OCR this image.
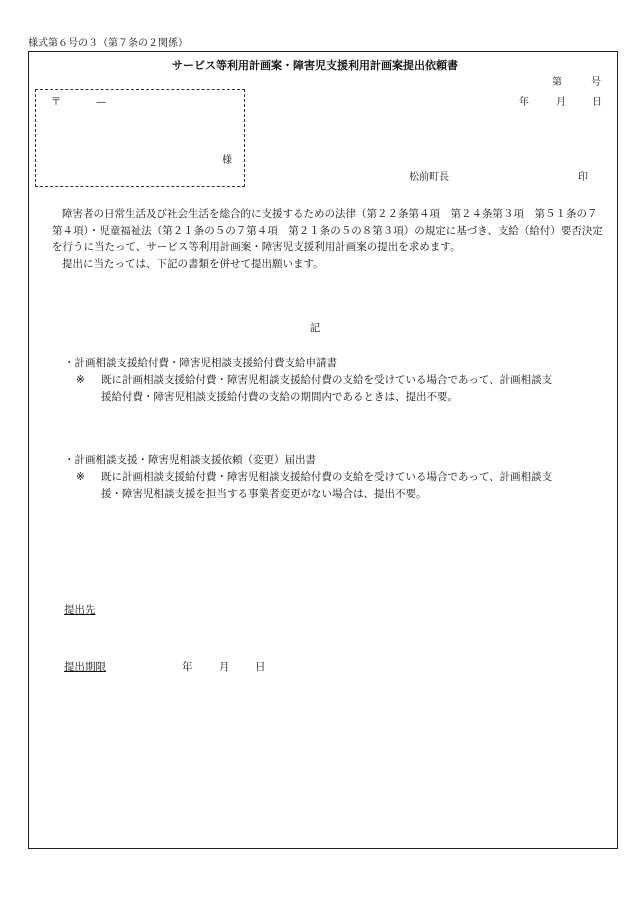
様式第６号の３（第７条の２関係）
サービス等利用計画案・障害児支援利用計画案提出依頼書
第	号
年	月	日
〒	—
様
松前町長	印

障害者の日常生活及び社会生活を総合的に支援するための法律（第２２条第４項　第２４条第３項　第５１条の７第４項）・児童福祉法（第２１条の５の７第４項　第２１条の５の８第３項）の規定に基づき、支給（給付）要否決定を行うに当たって、サービス等利用計画案・障害児支援利用計画案の提出を求めます。

提出に当たっては、下記の書類を併せて提出願います。

記
・計画相談支援給付費・障害児相談支援給付費支給申請書
※ 既に計画相談支援給付費・障害児相談支援給付費の支給を受けている場合であって、計画相談支
援給付費・障害児相談支援給付費の支給の期間内であるときは、提出不要。
・計画相談支援・障害児相談支援依頼（変更）届出書
※ 既に計画相談支援給付費・障害児相談支援給付費の支給を受けている場合であって、計画相談支
援・障害児相談支援を担当する事業者変更がない場合は、提出不要。
提出先
提出期限	年	月 日
